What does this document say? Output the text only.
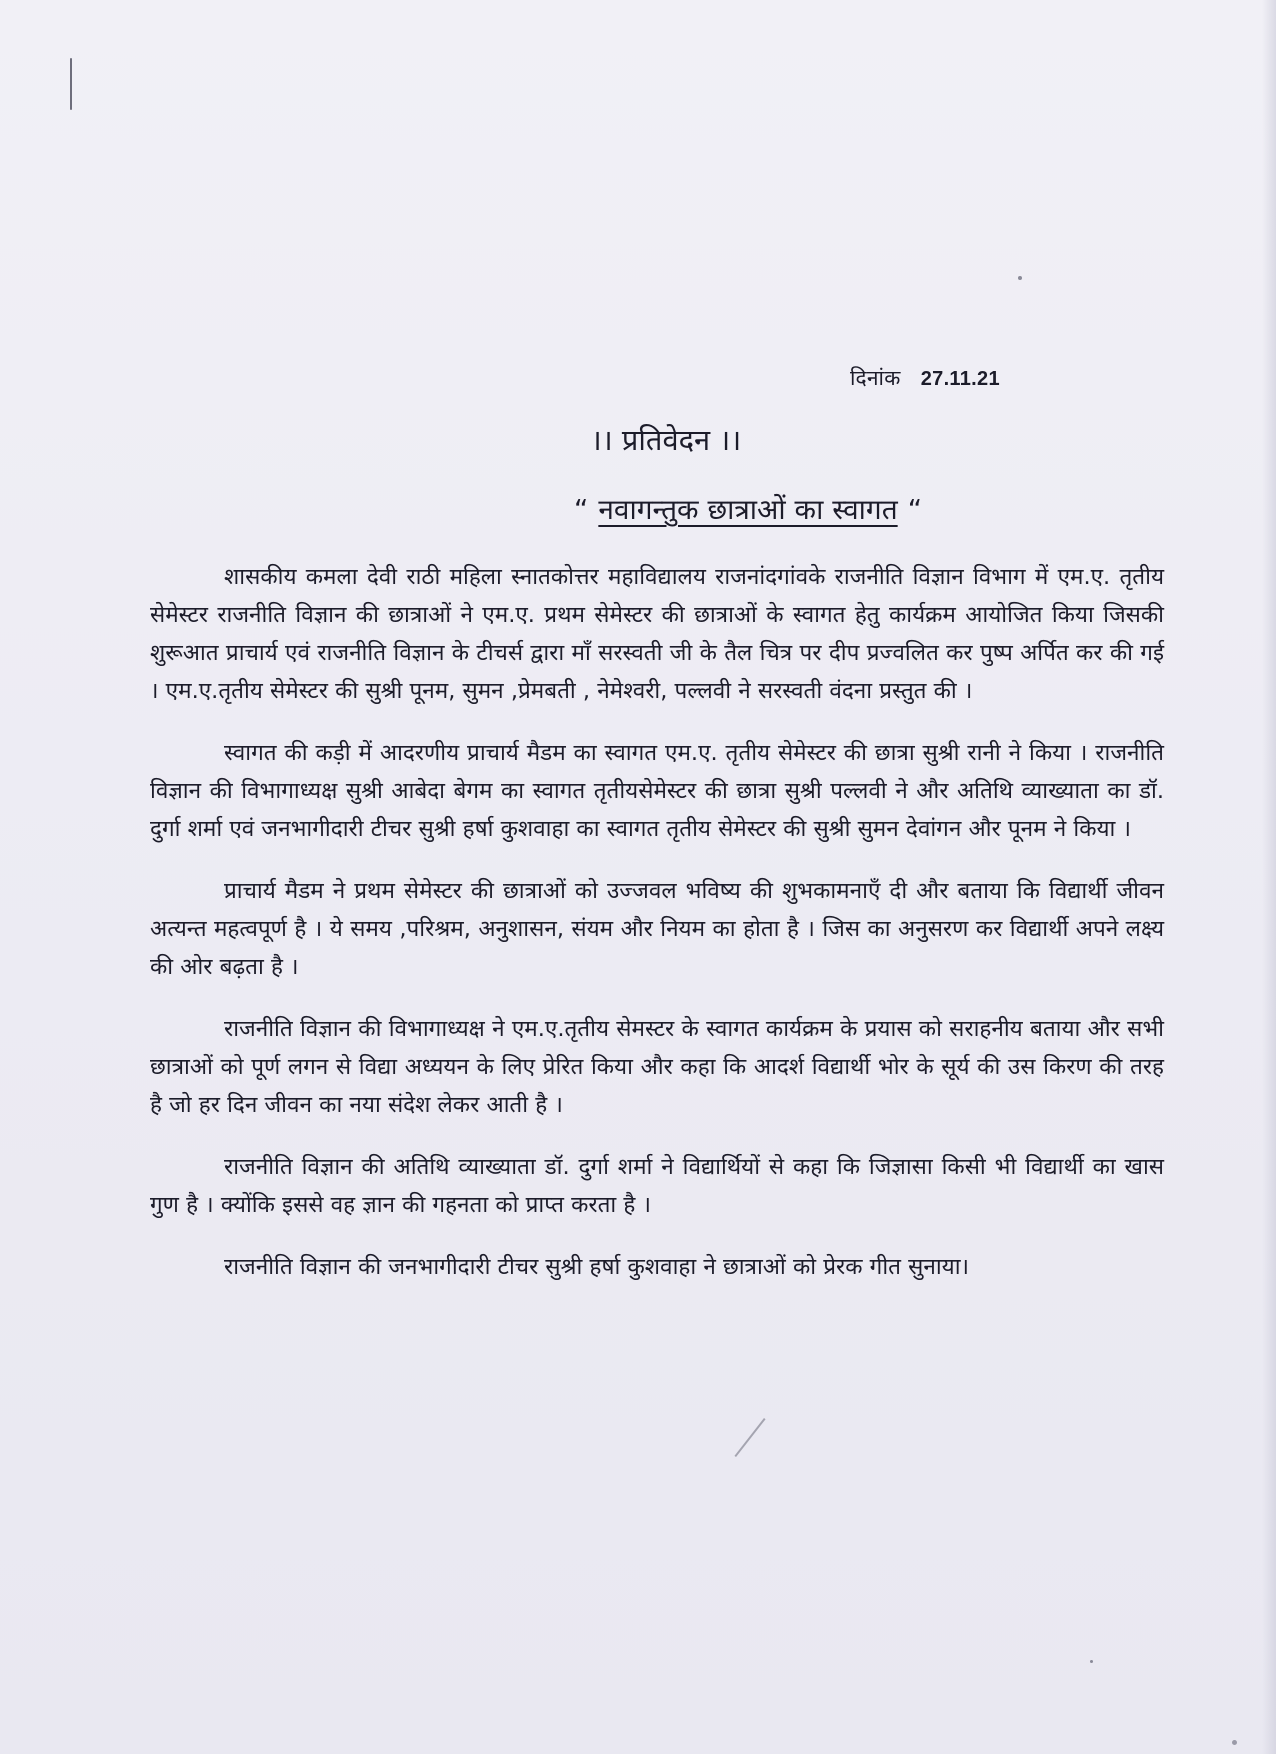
दिनांक 27.11.21
।। प्रतिवेदन ।।
“ नवागन्तुक छात्राओं का स्वागत “

शासकीय कमला देवी राठी महिला स्नातकोत्तर महाविद्यालय राजनांदगांवके राजनीति विज्ञान विभाग में एम.ए. तृतीय सेमेस्टर राजनीति विज्ञान की छात्राओं ने एम.ए. प्रथम सेमेस्टर की छात्राओं के स्वागत हेतु कार्यक्रम आयोजित किया जिसकी शुरूआत प्राचार्य एवं राजनीति विज्ञान के टीचर्स द्वारा माँ सरस्वती जी के तैल चित्र पर दीप प्रज्वलित कर पुष्प अर्पित कर की गई । एम.ए.तृतीय सेमेस्टर की सुश्री पूनम, सुमन ,प्रेमबती , नेमेश्वरी, पल्लवी ने सरस्वती वंदना प्रस्तुत की ।

स्वागत की कड़ी में आदरणीय प्राचार्य मैडम का स्वागत एम.ए. तृतीय सेमेस्टर की छात्रा सुश्री रानी ने किया । राजनीति विज्ञान की विभागाध्यक्ष सुश्री आबेदा बेगम का स्वागत तृतीयसेमेस्टर की छात्रा सुश्री पल्लवी ने और अतिथि व्याख्याता का डॉ. दुर्गा शर्मा एवं जनभागीदारी टीचर सुश्री हर्षा कुशवाहा का स्वागत तृतीय सेमेस्टर की सुश्री सुमन देवांगन और पूनम ने किया ।

प्राचार्य मैडम ने प्रथम सेमेस्टर की छात्राओं को उज्जवल भविष्य की शुभकामनाएँ दी और बताया कि विद्यार्थी जीवन अत्यन्त महत्वपूर्ण है । ये समय ,परिश्रम, अनुशासन, संयम और नियम का होता है । जिस का अनुसरण कर विद्यार्थी अपने लक्ष्य की ओर बढ़ता है ।

राजनीति विज्ञान की विभागाध्यक्ष ने एम.ए.तृतीय सेमस्टर के स्वागत कार्यक्रम के प्रयास को सराहनीय बताया और सभी छात्राओं को पूर्ण लगन से विद्या अध्ययन के लिए प्रेरित किया और कहा कि आदर्श विद्यार्थी भोर के सूर्य की उस किरण की तरह है जो हर दिन जीवन का नया संदेश लेकर आती है ।

राजनीति विज्ञान की अतिथि व्याख्याता डॉ. दुर्गा शर्मा ने विद्यार्थियों से कहा कि जिज्ञासा किसी भी विद्यार्थी का खास गुण है । क्योंकि इससे वह ज्ञान की गहनता को प्राप्त करता है ।

राजनीति विज्ञान की जनभागीदारी टीचर सुश्री हर्षा कुशवाहा ने छात्राओं को प्रेरक गीत सुनाया।
